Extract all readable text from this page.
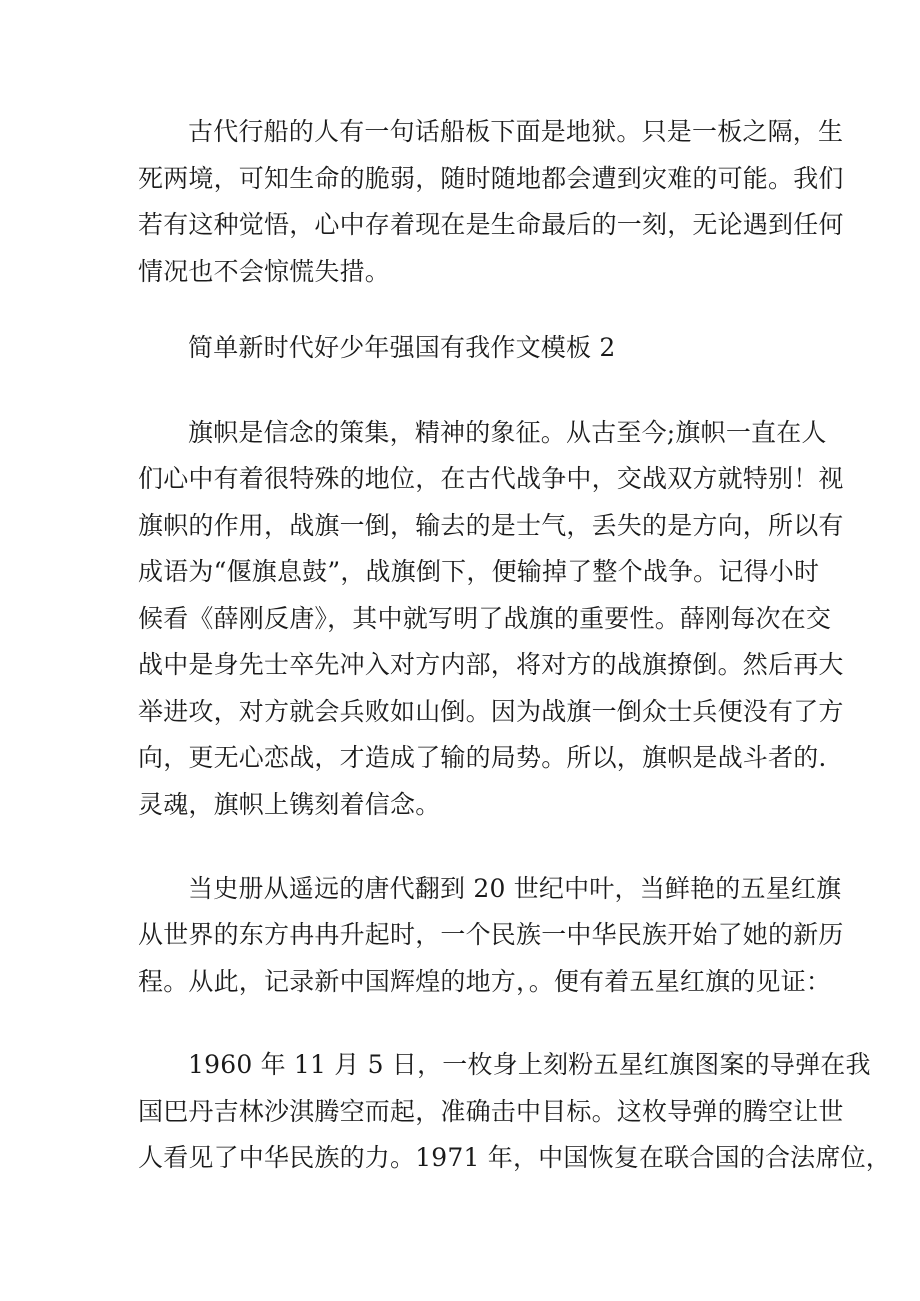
古代行船的人有一句话船板下面是地狱。只是一板之隔，生

死两境，可知生命的脆弱，随时随地都会遭到灾难的可能。我们

若有这种觉悟，心中存着现在是生命最后的一刻，无论遇到任何

情况也不会惊慌失措。

简单新时代好少年强国有我作文模板 2

旗帜是信念的策集，精神的象征。从古至今;旗帜一直在人

们心中有着很特殊的地位，在古代战争中，交战双方就特别！视

旗帜的作用，战旗一倒，输去的是士气，丢失的是方向，所以有

成语为“偃旗息鼓”，战旗倒下，便输掉了整个战争。记得小时

候看《薛刚反唐》，其中就写明了战旗的重要性。薛刚每次在交

战中是身先士卒先冲入对方内部，将对方的战旗撩倒。然后再大

举进攻，对方就会兵败如山倒。因为战旗一倒众士兵便没有了方

向，更无心恋战，才造成了输的局势。所以，旗帜是战斗者的.

灵魂，旗帜上镌刻着信念。

当史册从遥远的唐代翻到 20 世纪中叶，当鲜艳的五星红旗

从世界的东方冉冉升起时，一个民族一中华民族开始了她的新历

程。从此，记录新中国辉煌的地方，。便有着五星红旗的见证：

1960 年 11 月 5 日，一枚身上刻粉五星红旗图案的导弹在我

国巴丹吉林沙淇腾空而起，准确击中目标。这枚导弹的腾空让世

人看见了中华民族的力。1971 年，中国恢复在联合国的合法席位，
